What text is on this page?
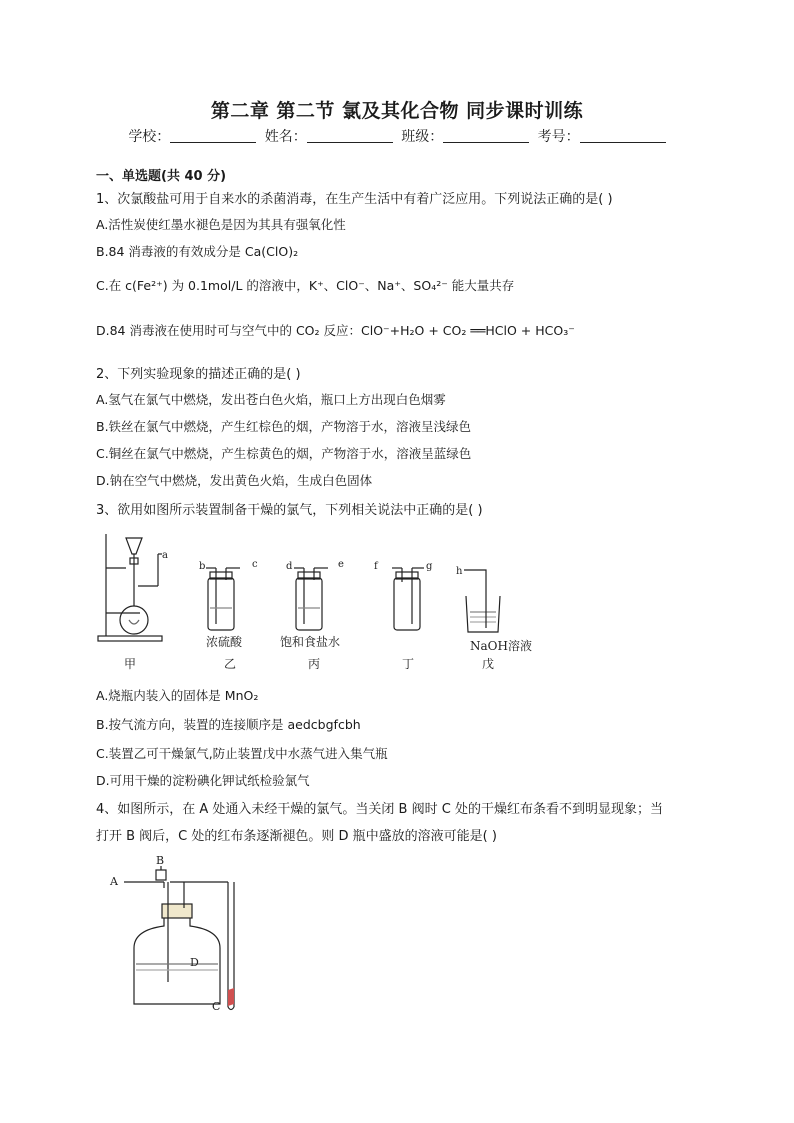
第二章 第二节 氯及其化合物 同步课时训练
学校：	姓名：	班级：	考号：
一、单选题(共 40 分)
1、次氯酸盐可用于自来水的杀菌消毒，在生产生活中有着广泛应用。下列说法正确的是( )
A.活性炭使红墨水褪色是因为其具有强氧化性
B.84 消毒液的有效成分是 Ca(ClO)₂
C.在 c(Fe²⁺) 为 0.1mol/L 的溶液中，K⁺、ClO⁻、Na⁺、SO₄²⁻ 能大量共存
D.84 消毒液在使用时可与空气中的 CO₂ 反应：ClO⁻+H₂O + CO₂ ══HClO + HCO₃⁻
2、下列实验现象的描述正确的是( )
A.氢气在氯气中燃烧，发出苍白色火焰，瓶口上方出现白色烟雾
B.铁丝在氯气中燃烧，产生红棕色的烟，产物溶于水，溶液呈浅绿色
C.铜丝在氯气中燃烧，产生棕黄色的烟，产物溶于水，溶液呈蓝绿色
D.钠在空气中燃烧，发出黄色火焰，生成白色固体
3、欲用如图所示装置制备干燥的氯气，下列相关说法中正确的是( )
a
b	c	d	e	f	g h
浓硫酸	饱和食盐水	NaOH溶液
甲	乙	丙	丁	戊
A.烧瓶内装入的固体是 MnO₂
B.按气流方向，装置的连接顺序是 aedcbgfcbh
C.装置乙可干燥氯气,防止装置戊中水蒸气进入集气瓶
D.可用干燥的淀粉碘化钾试纸检验氯气
4、如图所示，在 A 处通入未经干燥的氯气。当关闭 B 阀时 C 处的干燥红布条看不到明显现象；当
打开 B 阀后，C 处的红布条逐渐褪色。则 D 瓶中盛放的溶液可能是( )
A
B
C
D
